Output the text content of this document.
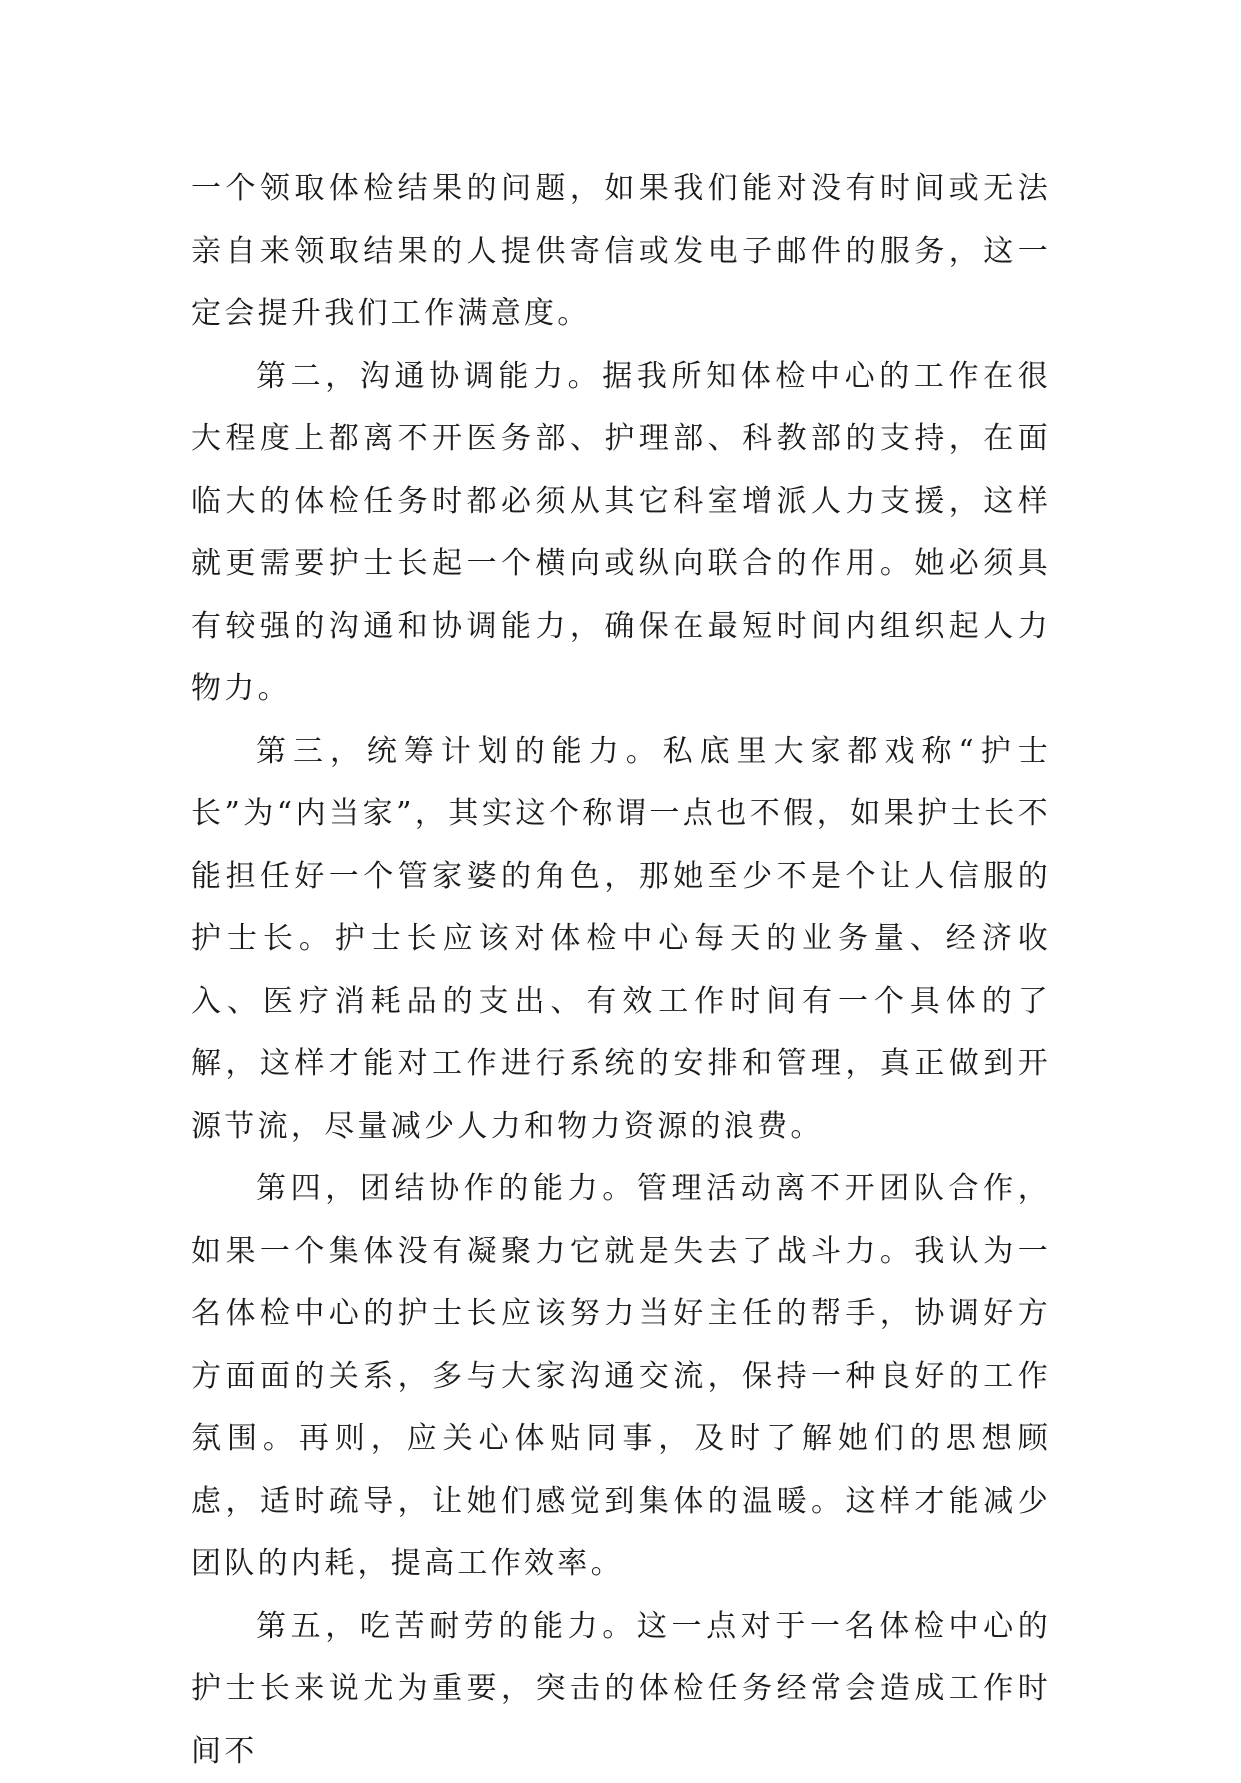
一个领取体检结果的问题，如果我们能对没有时间或无法亲自来领取结果的人提供寄信或发电子邮件的服务，这一定会提升我们工作满意度。

第二，沟通协调能力。据我所知体检中心的工作在很大程度上都离不开医务部、护理部、科教部的支持，在面临大的体检任务时都必须从其它科室增派人力支援，这样就更需要护士长起一个横向或纵向联合的作用。她必须具有较强的沟通和协调能力，确保在最短时间内组织起人力物力。

第三，统筹计划的能力。私底里大家都戏称“护士长”为“内当家”，其实这个称谓一点也不假，如果护士长不能担任好一个管家婆的角色，那她至少不是个让人信服的护士长。护士长应该对体检中心每天的业务量、经济收入、医疗消耗品的支出、有效工作时间有一个具体的了解，这样才能对工作进行系统的安排和管理，真正做到开源节流，尽量减少人力和物力资源的浪费。

第四，团结协作的能力。管理活动离不开团队合作，如果一个集体没有凝聚力它就是失去了战斗力。我认为一名体检中心的护士长应该努力当好主任的帮手，协调好方方面面的关系，多与大家沟通交流，保持一种良好的工作氛围。再则，应关心体贴同事，及时了解她们的思想顾虑，适时疏导，让她们感觉到集体的温暖。这样才能减少团队的内耗，提高工作效率。

第五，吃苦耐劳的能力。这一点对于一名体检中心的护士长来说尤为重要，突击的体检任务经常会造成工作时间不
